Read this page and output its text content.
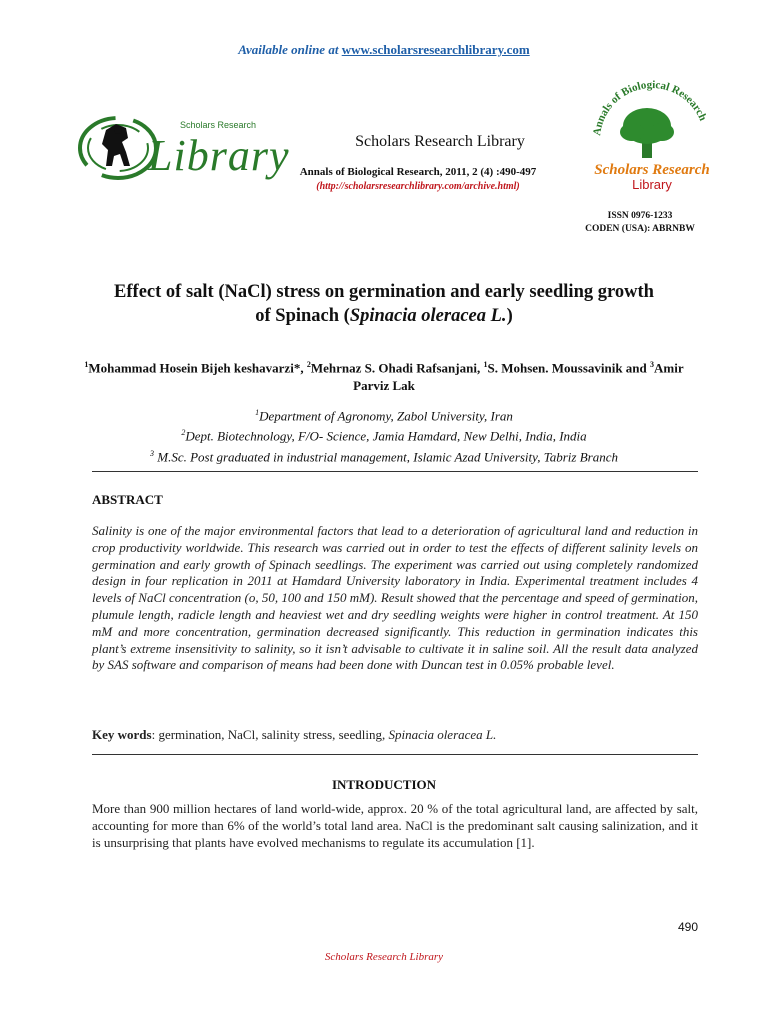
Available online at www.scholarsresearchlibrary.com
Scholars Research
Library	Scholars Research Library
Annals of Biological Research, 2011, 2 (4) :490-497
(http://scholarsresearchlibrary.com/archive.html)
Annals of Biological Research
Scholars Research
Library
ISSN 0976-1233
CODEN (USA): ABRNBW
Effect of salt (NaCl) stress on germination and early seedling growth
of Spinach (Spinacia oleracea L.)
$^1$Mohammad Hosein Bijeh keshavarzi*, $^2$Mehrnaz S. Ohadi Rafsanjani, $^1$S. Mohsen. Moussavinik and $^3$Amir Parviz Lak
$^1$Department of Agronomy, Zabol University, Iran
$^2$Dept. Biotechnology, F/O- Science, Jamia Hamdard, New Delhi, India, India
$^3$ M.Sc. Post graduated in industrial management, Islamic Azad University, Tabriz Branch
ABSTRACT
Salinity is one of the major environmental factors that lead to a deterioration of agricultural land and reduction in crop productivity worldwide. This research was carried out in order to test the effects of different salinity levels on germination and early growth of Spinach seedlings. The experiment was carried out using completely randomized design in four replication in 2011 at Hamdard University laboratory in India. Experimental treatment includes 4 levels of NaCl concentration (o, 50, 100 and 150 mM). Result showed that the percentage and speed of germination, plumule length, radicle length and heaviest wet and dry seedling weights were higher in control treatment. At 150 mM and more concentration, germination decreased significantly. This reduction in germination indicates this plant’s extreme insensitivity to salinity, so it isn’t advisable to cultivate it in saline soil. All the result data analyzed by SAS software and comparison of means had been done with Duncan test in 0.05% probable level.
Key words: germination, NaCl, salinity stress, seedling, Spinacia oleracea L.
INTRODUCTION
More than 900 million hectares of land world-wide, approx. 20 % of the total agricultural land, are affected by salt, accounting for more than 6% of the world’s total land area. NaCl is the predominant salt causing salinization, and it is unsurprising that plants have evolved mechanisms to regulate its accumulation [1].
490
Scholars Research Library
